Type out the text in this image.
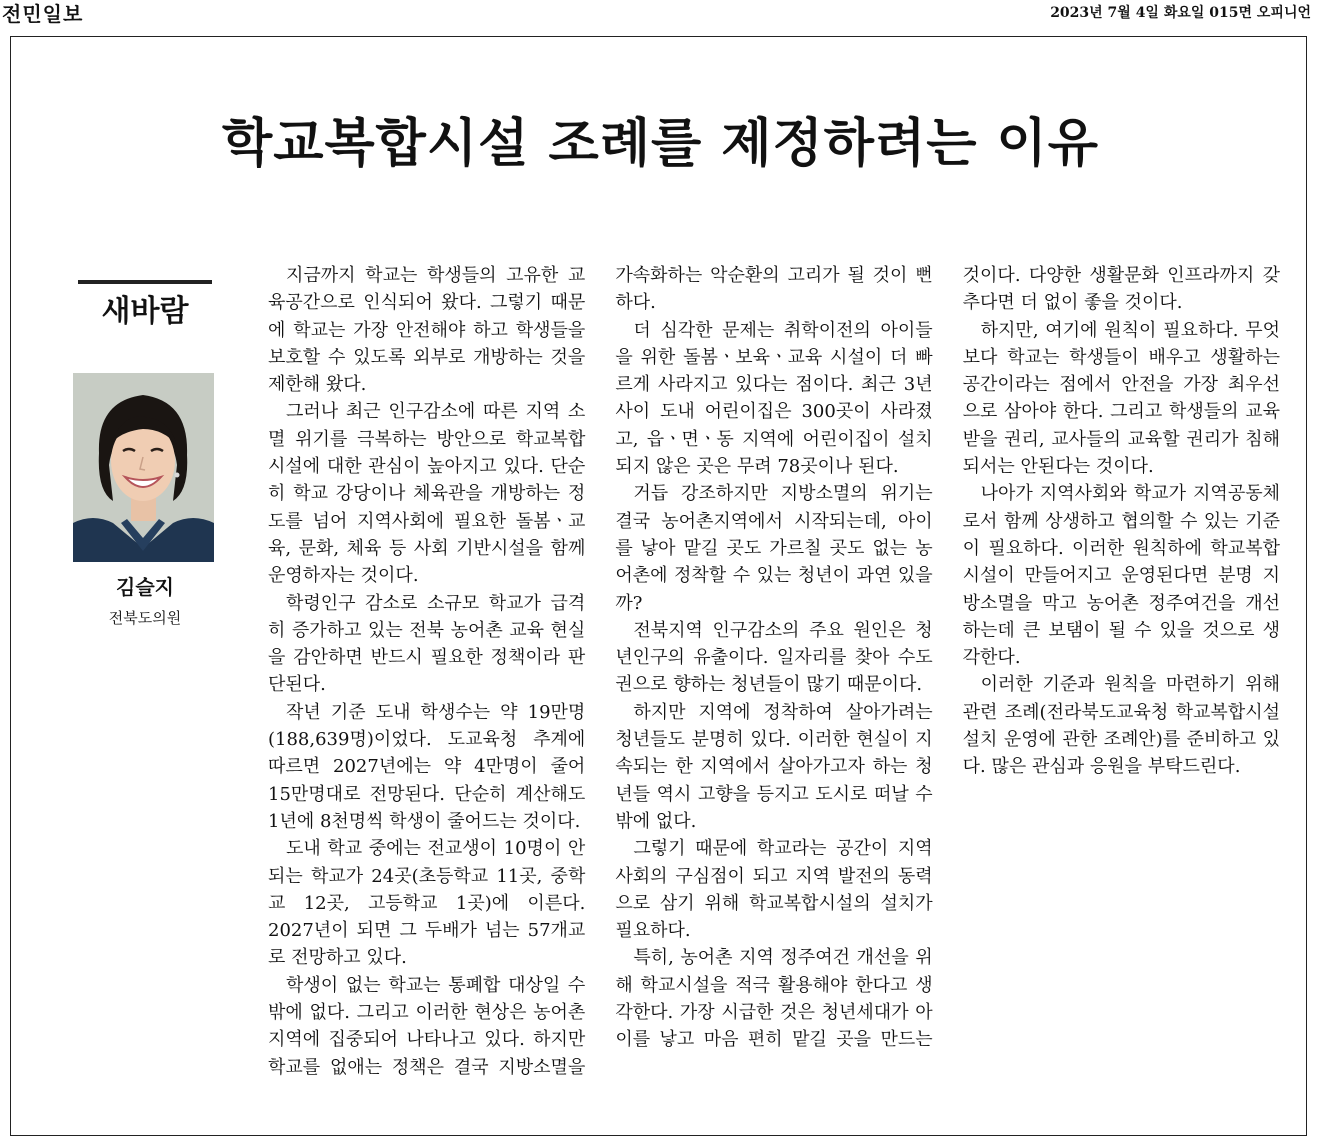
전민일보	2023년 7월 4일 화요일 015면 오피니언
학교복합시설 조례를 제정하려는 이유
새바람
김슬지
전북도의원

지금까지 학교는 학생들의 고유한 교육공간으로 인식되어 왔다. 그렇기 때문에 학교는 가장 안전해야 하고 학생들을 보호할 수 있도록 외부로 개방하는 것을 제한해 왔다.

그러나 최근 인구감소에 따른 지역 소멸 위기를 극복하는 방안으로 학교복합시설에 대한 관심이 높아지고 있다. 단순히 학교 강당이나 체육관을 개방하는 정도를 넘어 지역사회에 필요한 돌봄ㆍ교육, 문화, 체육 등 사회 기반시설을 함께 운영하자는 것이다.

학령인구 감소로 소규모 학교가 급격히 증가하고 있는 전북 농어촌 교육 현실을 감안하면 반드시 필요한 정책이라 판단된다.

작년 기준 도내 학생수는 약 19만명(188,639명)이었다. 도교육청 추계에 따르면 2027년에는 약 4만명이 줄어 15만명대로 전망된다. 단순히 계산해도 1년에 8천명씩 학생이 줄어드는 것이다.

도내 학교 중에는 전교생이 10명이 안되는 학교가 24곳(초등학교 11곳, 중학교 12곳, 고등학교 1곳)에 이른다. 2027년이 되면 그 두배가 넘는 57개교로 전망하고 있다.

학생이 없는 학교는 통폐합 대상일 수밖에 없다. 그리고 이러한 현상은 농어촌 지역에 집중되어 나타나고 있다. 하지만 학교를 없애는 정책은 결국 지방소멸을 가속화하는 악순환의 고리가 될 것이 뻔하다.

더 심각한 문제는 취학이전의 아이들을 위한 돌봄ㆍ보육ㆍ교육 시설이 더 빠르게 사라지고 있다는 점이다. 최근 3년 사이 도내 어린이집은 300곳이 사라졌고, 읍ㆍ면ㆍ동 지역에 어린이집이 설치되지 않은 곳은 무려 78곳이나 된다.

거듭 강조하지만 지방소멸의 위기는 결국 농어촌지역에서 시작되는데, 아이를 낳아 맡길 곳도 가르칠 곳도 없는 농어촌에 정착할 수 있는 청년이 과연 있을까?

전북지역 인구감소의 주요 원인은 청년인구의 유출이다. 일자리를 찾아 수도권으로 향하는 청년들이 많기 때문이다.

하지만 지역에 정착하여 살아가려는 청년들도 분명히 있다. 이러한 현실이 지속되는 한 지역에서 살아가고자 하는 청년들 역시 고향을 등지고 도시로 떠날 수밖에 없다.

그렇기 때문에 학교라는 공간이 지역사회의 구심점이 되고 지역 발전의 동력으로 삼기 위해 학교복합시설의 설치가 필요하다.

특히, 농어촌 지역 정주여건 개선을 위해 학교시설을 적극 활용해야 한다고 생각한다. 가장 시급한 것은 청년세대가 아이를 낳고 마음 편히 맡길 곳을 만드는 것이다. 다양한 생활문화 인프라까지 갖추다면 더 없이 좋을 것이다.

하지만, 여기에 원칙이 필요하다. 무엇보다 학교는 학생들이 배우고 생활하는 공간이라는 점에서 안전을 가장 최우선으로 삼아야 한다. 그리고 학생들의 교육받을 권리, 교사들의 교육할 권리가 침해되서는 안된다는 것이다.

나아가 지역사회와 학교가 지역공동체로서 함께 상생하고 협의할 수 있는 기준이 필요하다. 이러한 원칙하에 학교복합시설이 만들어지고 운영된다면 분명 지방소멸을 막고 농어촌 정주여건을 개선하는데 큰 보탬이 될 수 있을 것으로 생각한다.

이러한 기준과 원칙을 마련하기 위해 관련 조례(전라북도교육청 학교복합시설 설치 운영에 관한 조례안)를 준비하고 있다. 많은 관심과 응원을 부탁드린다.
